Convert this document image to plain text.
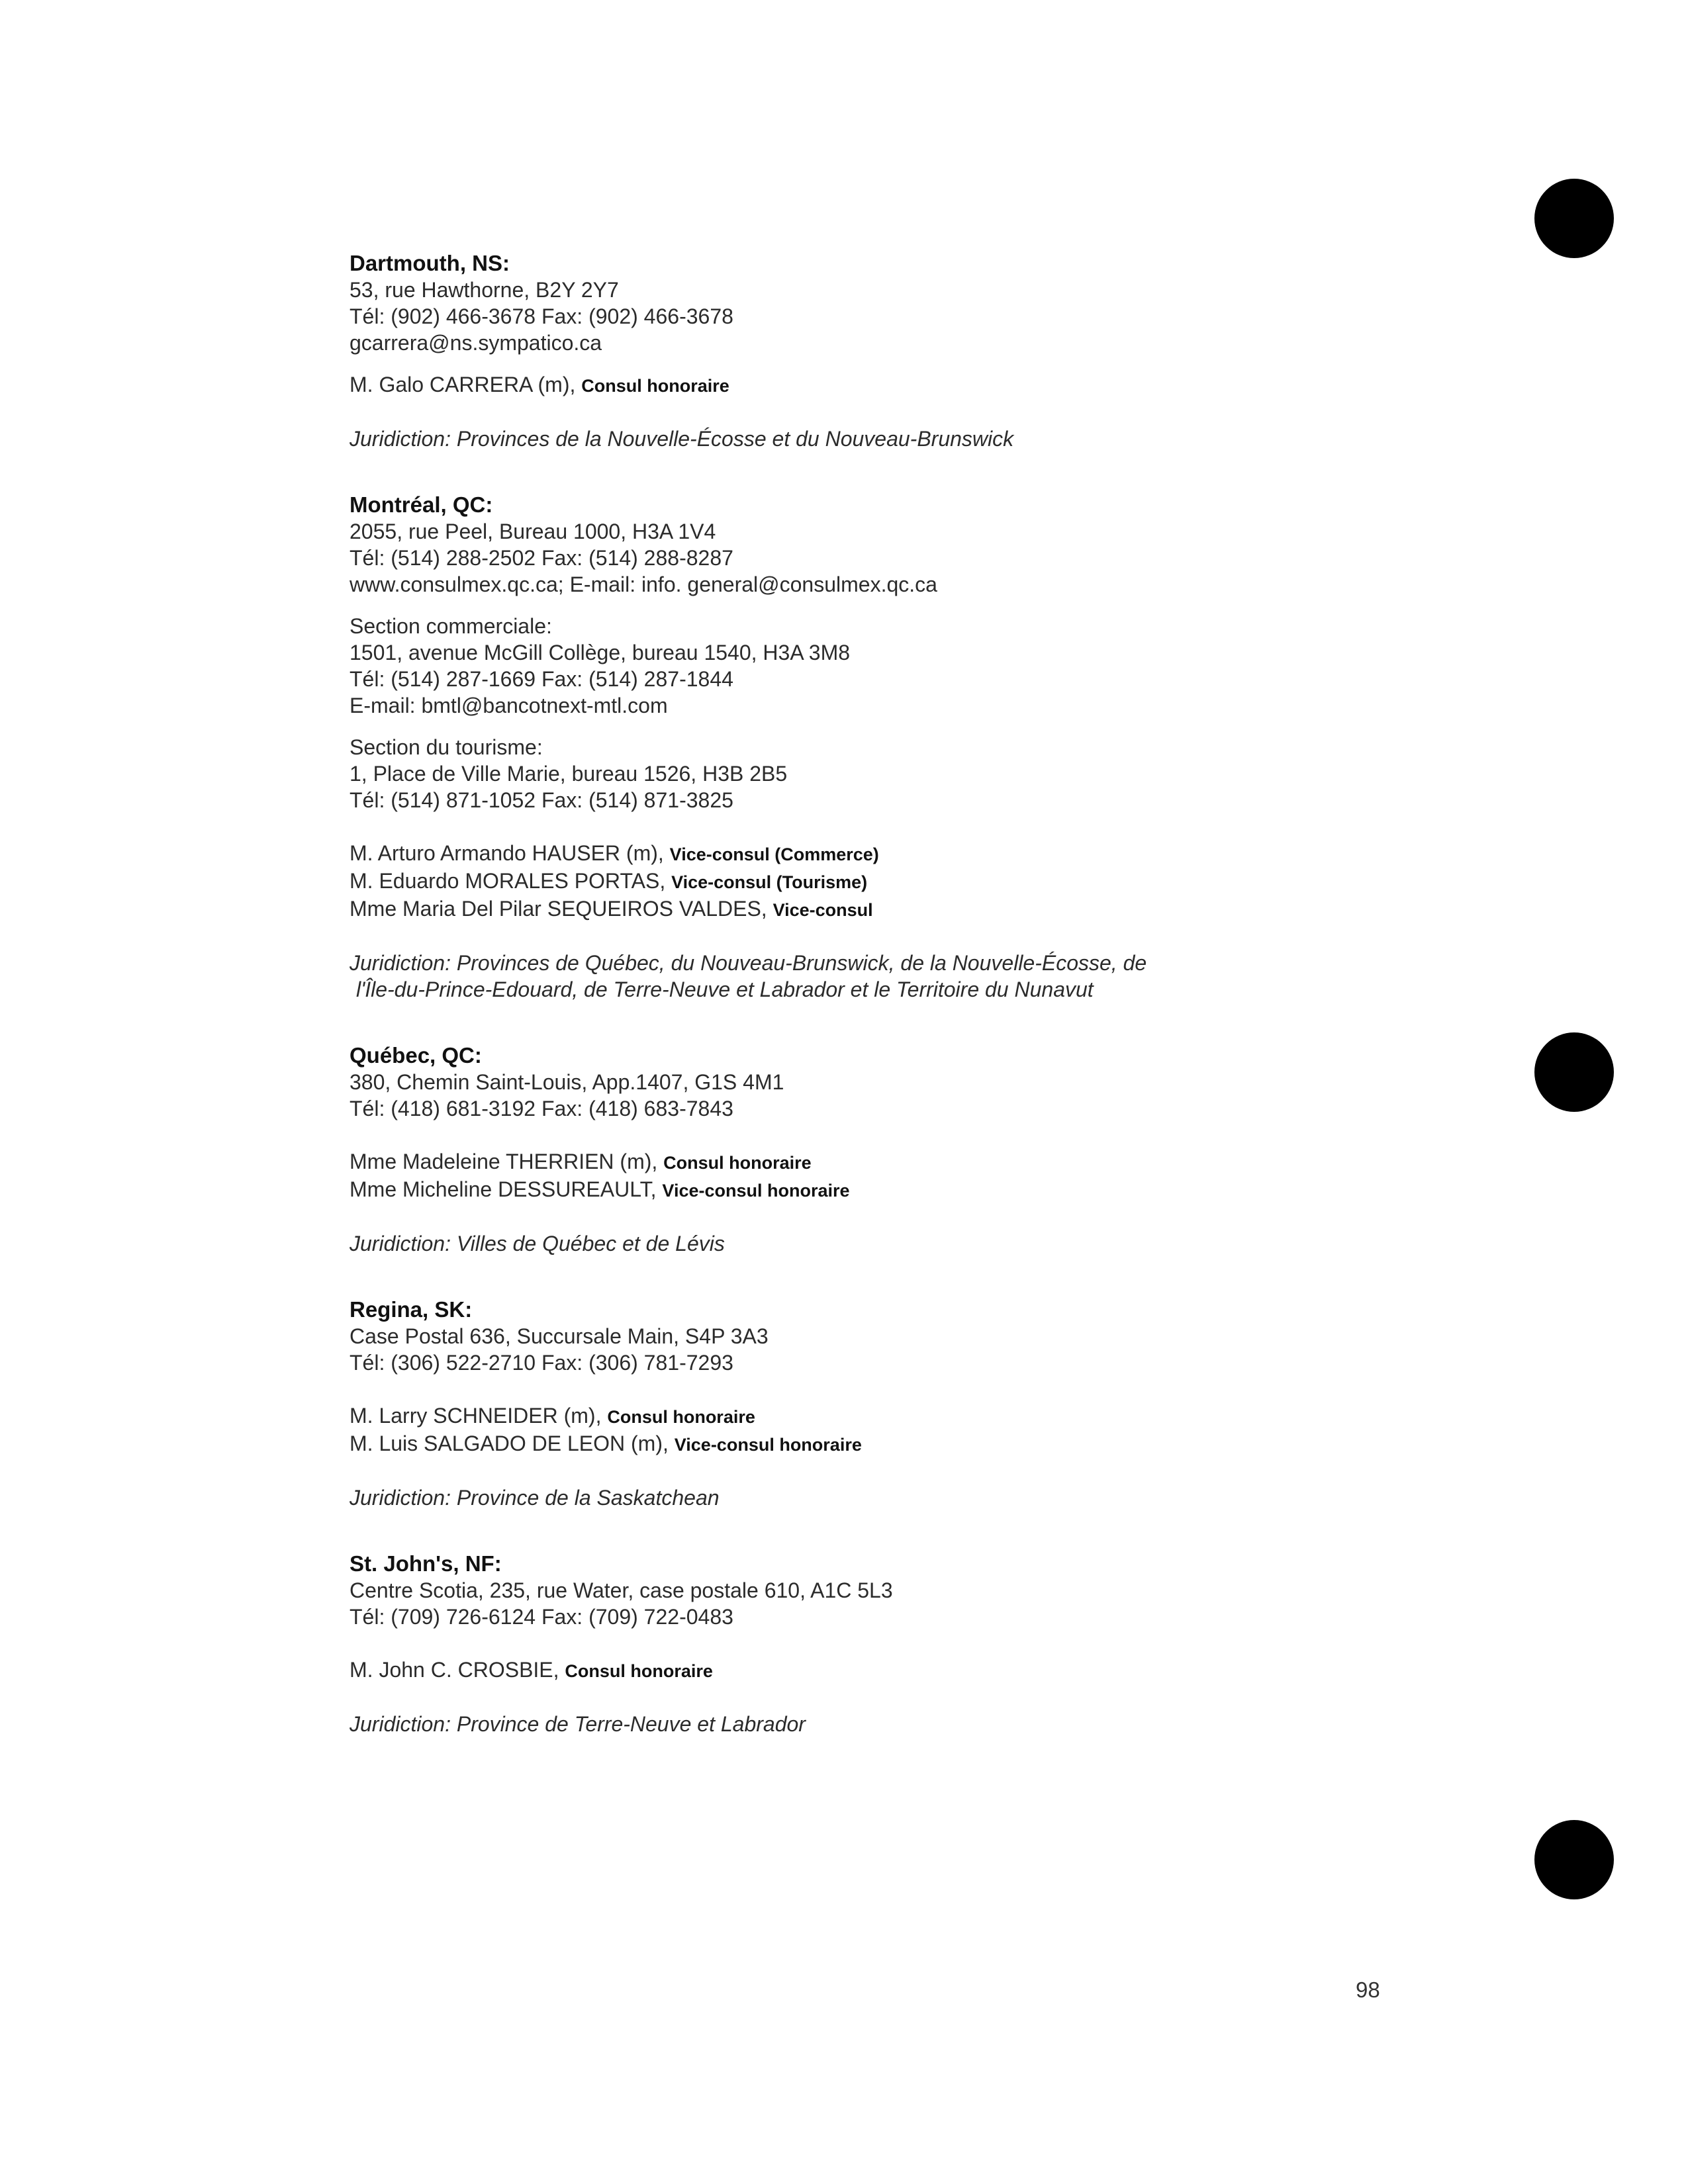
Dartmouth, NS:
53, rue Hawthorne, B2Y 2Y7
Tél: (902) 466-3678 Fax: (902) 466-3678
gcarrera@ns.sympatico.ca
M. Galo CARRERA (m), Consul honoraire
Juridiction: Provinces de la Nouvelle-Écosse et du Nouveau-Brunswick
Montréal, QC:
2055, rue Peel, Bureau 1000, H3A 1V4
Tél: (514) 288-2502 Fax: (514) 288-8287
www.consulmex.qc.ca; E-mail: info. general@consulmex.qc.ca
Section commerciale:
1501, avenue McGill Collège, bureau 1540, H3A 3M8
Tél: (514) 287-1669 Fax: (514) 287-1844
E-mail: bmtl@bancotnext-mtl.com
Section du tourisme:
1, Place de Ville Marie, bureau 1526, H3B 2B5
Tél: (514) 871-1052 Fax: (514) 871-3825
M. Arturo Armando HAUSER (m), Vice-consul (Commerce)
M. Eduardo MORALES PORTAS, Vice-consul (Tourisme)
Mme Maria Del Pilar SEQUEIROS VALDES, Vice-consul
Juridiction: Provinces de Québec, du Nouveau-Brunswick, de la Nouvelle-Écosse, de
l'Île-du-Prince-Edouard, de Terre-Neuve et Labrador et le Territoire du Nunavut
Québec, QC:
380, Chemin Saint-Louis, App.1407, G1S 4M1
Tél: (418) 681-3192 Fax: (418) 683-7843
Mme Madeleine THERRIEN (m), Consul honoraire
Mme Micheline DESSUREAULT, Vice-consul honoraire
Juridiction: Villes de Québec et de Lévis
Regina, SK:
Case Postal 636, Succursale Main, S4P 3A3
Tél: (306) 522-2710 Fax: (306) 781-7293
M. Larry SCHNEIDER (m), Consul honoraire
M. Luis SALGADO DE LEON (m), Vice-consul honoraire
Juridiction: Province de la Saskatchean
St. John's, NF:
Centre Scotia, 235, rue Water, case postale 610, A1C 5L3
Tél: (709) 726-6124 Fax: (709) 722-0483
M. John C. CROSBIE, Consul honoraire
Juridiction: Province de Terre-Neuve et Labrador
98
